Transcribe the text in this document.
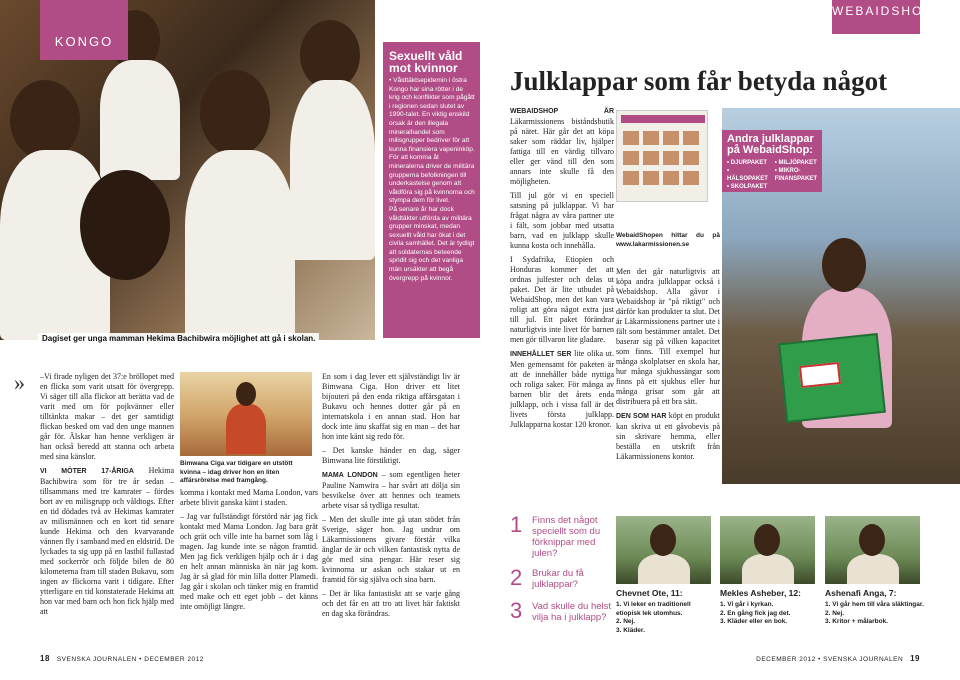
KONGO
Dagiset ger unga mamman Hekima Bachibwira möjlighet att gå i skolan.
Sexuellt våld mot kvinnor

• Våldtäktsepidemin i östra Kongo har sina rötter i de krig och konflikter som pågått i regionen sedan slutet av 1990-talet. En viktig enskild orsak är den illegala mineralhandel som milisgrupper bedriver för att kunna finansiera vapeninköp. För att komma åt mineralerna driver de militära grupperna befolkningen till underkastelse genom att våldföra sig på kvinnorna och stympa dem för livet.

På senare år har dock våldtäkter utförda av militära grupper minskat, medan sexuellt våld har ökat i det civila samhället. Det är tydligt att soldaternas beteende spridit sig och det vanliga män ursäkter att begå övergrepp på kvinnor.

» –Vi firade nyligen det 37:e bröllopet med en flicka som varit utsatt för övergrepp. Vi säger till alla flickor att berätta vad de varit med om för pojkvänner eller tilltänkta makar – det ger samtidigt flickan besked om vad den unge mannen går för. Älskar han henne verkligen är han också beredd att stanna och arbeta med sina känslor.

VI MÖTER 17-ÅRIGA Hekima Bachibwira som för tre år sedan – tillsammans med tre kamrater – fördes bort av en milisgrupp och våldtogs. Efter en tid dödades två av Hekimas kamrater av milismännen och en kort tid senare kunde Hekima och den kvarvarande vännen fly i samband med en eldstrid. De lyckades ta sig upp på en lastbil fullastad med sockerrör och följde bilen de 80 kilometerna fram till staden Bukavu, som ingen av flickorna varit i tidigare. Efter ytterligare en tid konstaterade Hekima att hon var med barn och hon fick hjälp med att

Bimwana Ciga var tidigare en utstött kvinna – idag driver hon en liten affärsrörelse med framgång.

komma i kontakt med Mama London, vars arbete blivit ganska känt i staden.

– Jag var fullständigt förstörd när jag fick kontakt med Mama London. Jag bara grät och grät och ville inte ha barnet som låg i magen. Jag kunde inte se någon framtid. Men jag fick verkligen hjälp och är i dag en helt annan människa än när jag kom. Jag är så glad för min lilla dotter Plamedi. Jag går i skolan och tänker mig en framtid med make och ett eget jobb – det känns inte omöjligt längre.

En som i dag lever ett självständigt liv är Bimwana Ciga. Hon driver ett litet bijouteri på den enda riktiga affärsgatan i Bukavu och hennes dotter går på en internatskola i en annan stad. Hon har dock inte änu skaffat sig en man – det har hon inte känt sig redo för.

– Det kanske händer en dag, säger Bimwana lite förstiktigt.

MAMA LONDON – som egentligen heter Pauline Namwira – har svårt att dölja sin besvikelse över att hennes och teamets arbete visar så tydliga resultat.

– Men det skulle inte gå utan stödet från Sverige, säger hon. Jag undrar om Läkarmissionens givare förstår vilka änglar de är och vilken fantastisk nytta de gör med sina pengar. Här reser sig kvinnorna ur askan och stakar ut en framtid för sig själva och sina barn.

– Det är lika fantastiskt att se varje gång och det får en att tro att livet här faktiskt en dag ska förändras.

18 SVENSKA JOURNALEN • DECEMBER 2012
WEBAIDSHOP
Julklappar som får betyda något

WEBAIDSHOP ÄR Läkarmissionens biståndsbutik på nätet. Här går det att köpa saker som räddar liv, hjälper fattiga till en värdig tillvaro eller ger vänd till den som annars inte skulle få den möjligheten.

Till jul gör vi en speciell satsning på julklappar. Vi har frågat några av våra partner ute i fält, som jobbar med utsatta barn, vad en julklapp skulle kunna kosta och innehålla.

I Sydafrika, Etiopien och Honduras kommer det att ordnas julfester och delas ut paket. Det är lite utbudet på WebaidShop, men det kan vara roligt att göra något extra just till jul. Ett paket förändrar naturligtvis inte livet för barnen men gör tillvaron lite gladare.

INNEHÅLLET SER lite olika ut. Men gemensamt för paketen är att de innehåller både nyttiga och roliga saker. För många av barnen blir det årets enda julklapp, och i vissa fall är det livets första julklapp. Julklapparna kostar 120 kronor.

WebaidShopen hittar du på www.lakarmissionen.se

Men det går naturligtvis att köpa andra julklappar också i Webaidshop. Alla gåvor i Webaidshop är "på riktigt" och därför kan produkter ta slut. Det är Läkarmissionens partner ute i fält som bestämmer antalet. Det baserar sig på vilken kapacitet som finns. Till exempel hur många skolplatser en skola har, hur många sjukhussängar som finns på ett sjukhus eller hur många grisar som går att distribuera på ett bra sätt.

DEN SOM HAR köpt en produkt kan skriva ut ett gåvobevis på sin skrivare hemma, eller beställa en utskrift från Läkarmissionens kontor.

Andra julklappar på WebaidShop:
• DJURPAKET
• HÄLSOPAKET
• SKOLPAKET
• MILJÖPAKET
• MIKRO-
FINANSPAKET
1 Finns det något speciellt som du förknippar med julen?
2 Brukar du få julklappar?
3 Vad skulle du helst vilja ha i julklapp?
Chevnet Ote, 11:
1. Vi leker en traditionell etiopisk lek utomhus.
2. Nej.
3. Kläder.
Mekles Asheber, 12:
1. Vi går i kyrkan.
2. En gång fick jag det.
3. Kläder eller en bok.
Ashenafi Anga, 7:
1. Vi går hem till våra släktingar.
2. Nej.
3. Kritor + målarbok.
DECEMBER 2012 • SVENSKA JOURNALEN 19
